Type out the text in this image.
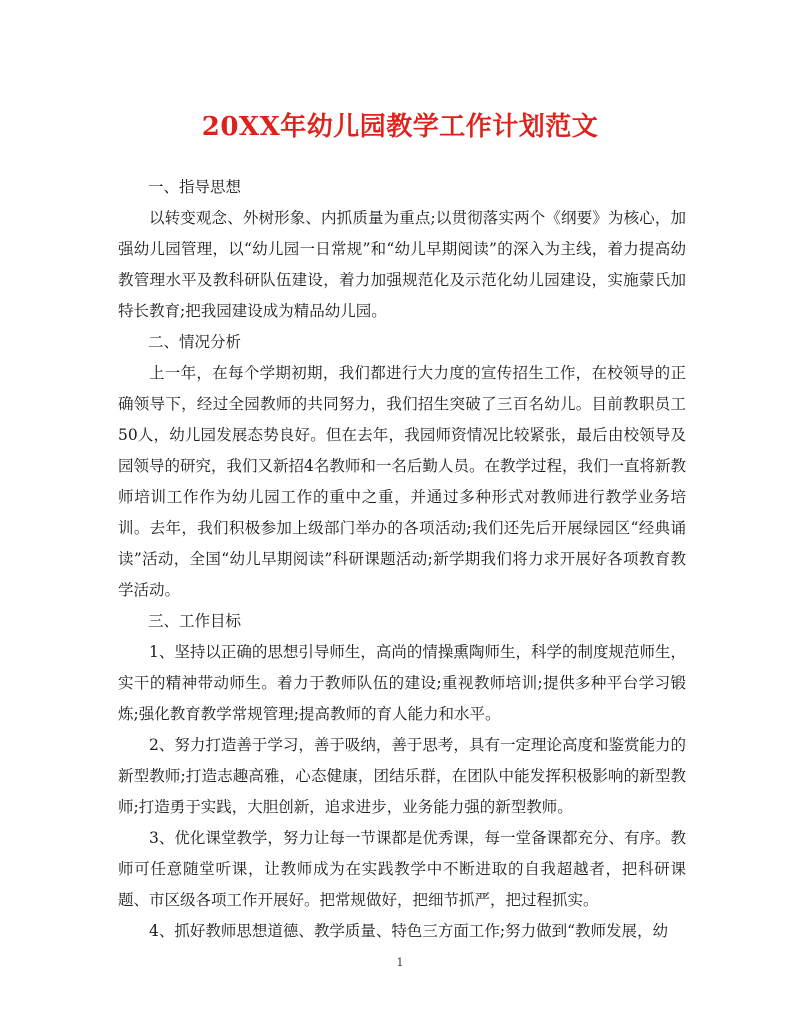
20XX年幼儿园教学工作计划范文

一、指导思想

以转变观念、外树形象、内抓质量为重点;以贯彻落实两个《纲要》为核心，加强幼儿园管理，以“幼儿园一日常规”和“幼儿早期阅读”的深入为主线，着力提高幼教管理水平及教科研队伍建设，着力加强规范化及示范化幼儿园建设，实施蒙氏加特长教育;把我园建设成为精品幼儿园。

二、情况分析

上一年，在每个学期初期，我们都进行大力度的宣传招生工作，在校领导的正确领导下，经过全园教师的共同努力，我们招生突破了三百名幼儿。目前教职员工50人，幼儿园发展态势良好。但在去年，我园师资情况比较紧张，最后由校领导及园领导的研究，我们又新招4名教师和一名后勤人员。在教学过程，我们一直将新教师培训工作作为幼儿园工作的重中之重，并通过多种形式对教师进行教学业务培训。去年，我们积极参加上级部门举办的各项活动;我们还先后开展绿园区“经典诵读”活动，全国“幼儿早期阅读”科研课题活动;新学期我们将力求开展好各项教育教学活动。

三、工作目标

1、坚持以正确的思想引导师生，高尚的情操熏陶师生，科学的制度规范师生，实干的精神带动师生。着力于教师队伍的建设;重视教师培训;提供多种平台学习锻炼;强化教育教学常规管理;提高教师的育人能力和水平。

2、努力打造善于学习，善于吸纳，善于思考，具有一定理论高度和鉴赏能力的新型教师;打造志趣高雅，心态健康，团结乐群，在团队中能发挥积极影响的新型教师;打造勇于实践，大胆创新，追求进步，业务能力强的新型教师。

3、优化课堂教学，努力让每一节课都是优秀课，每一堂备课都充分、有序。教师可任意随堂听课，让教师成为在实践教学中不断进取的自我超越者，把科研课题、市区级各项工作开展好。把常规做好，把细节抓严，把过程抓实。

4、抓好教师思想道德、教学质量、特色三方面工作;努力做到“教师发展，幼

1
